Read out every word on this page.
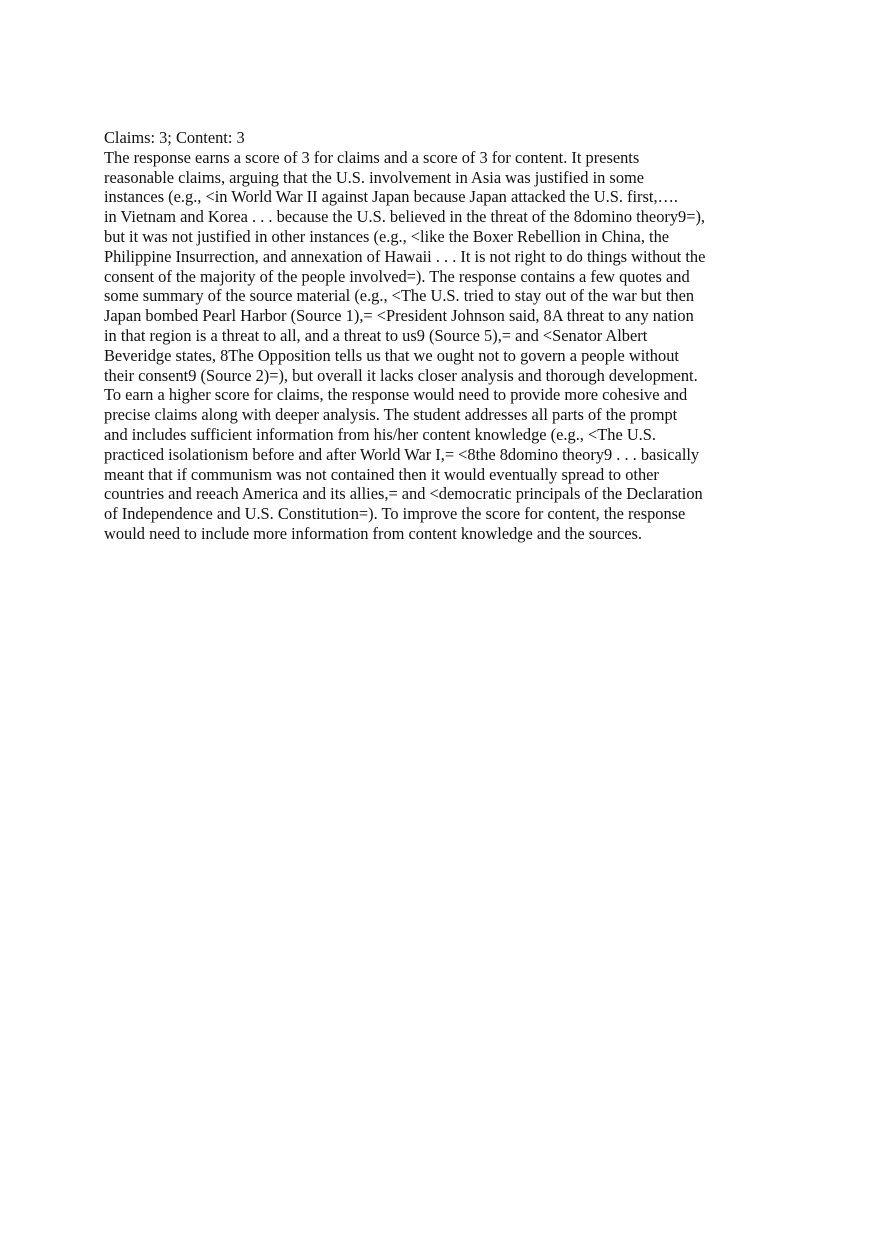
Claims: 3; Content: 3
The response earns a score of 3 for claims and a score of 3 for content. It presents
reasonable claims, arguing that the U.S. involvement in Asia was justified in some
instances (e.g., <in World War II against Japan because Japan attacked the U.S. first,….
in Vietnam and Korea . . . because the U.S. believed in the threat of the 8domino theory9=),
but it was not justified in other instances (e.g., <like the Boxer Rebellion in China, the
Philippine Insurrection, and annexation of Hawaii . . . It is not right to do things without the
consent of the majority of the people involved=). The response contains a few quotes and
some summary of the source material (e.g., <The U.S. tried to stay out of the war but then
Japan bombed Pearl Harbor (Source 1),= <President Johnson said, 8A threat to any nation
in that region is a threat to all, and a threat to us9 (Source 5),= and <Senator Albert
Beveridge states, 8The Opposition tells us that we ought not to govern a people without
their consent9 (Source 2)=), but overall it lacks closer analysis and thorough development.
To earn a higher score for claims, the response would need to provide more cohesive and
precise claims along with deeper analysis. The student addresses all parts of the prompt
and includes sufficient information from his/her content knowledge (e.g., <The U.S.
practiced isolationism before and after World War I,= <8the 8domino theory9 . . . basically
meant that if communism was not contained then it would eventually spread to other
countries and reeach America and its allies,= and <democratic principals of the Declaration
of Independence and U.S. Constitution=). To improve the score for content, the response
would need to include more information from content knowledge and the sources.
